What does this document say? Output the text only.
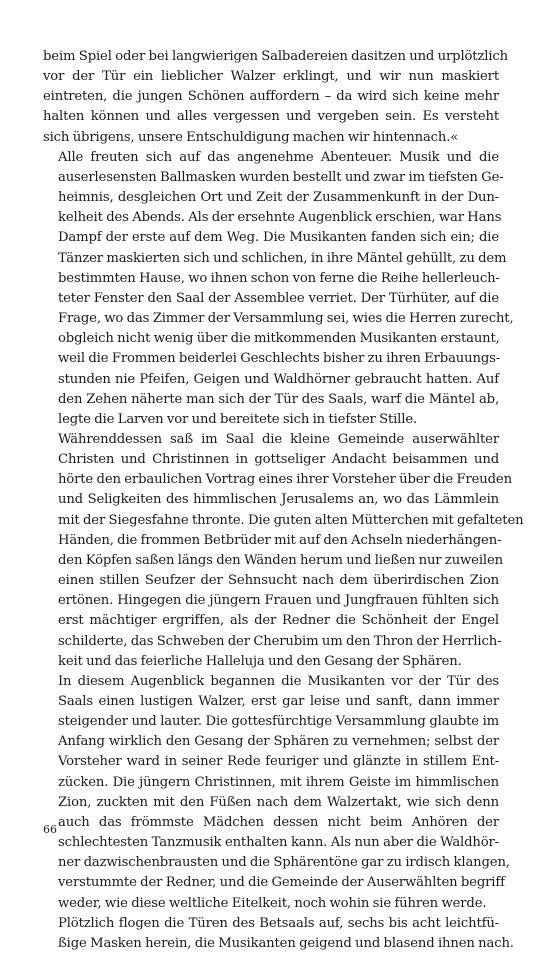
beim Spiel oder bei langwierigen Salbadereien dasitzen und urplötzlich
vor der Tür ein lieblicher Walzer erklingt, und wir nun maskiert
eintreten, die jungen Schönen auffordern – da wird sich keine mehr
halten können und alles vergessen und vergeben sein. Es versteht
sich übrigens, unsere Entschuldigung machen wir hintennach.«

Alle freuten sich auf das angenehme Abenteuer. Musik und die
auserlesensten Ballmasken wurden bestellt und zwar im tiefsten Ge-
heimnis, desgleichen Ort und Zeit der Zusammenkunft in der Dun-
kelheit des Abends. Als der ersehnte Augenblick erschien, war Hans
Dampf der erste auf dem Weg. Die Musikanten fanden sich ein; die
Tänzer maskierten sich und schlichen, in ihre Mäntel gehüllt, zu dem
bestimmten Hause, wo ihnen schon von ferne die Reihe hellerleuch-
teter Fenster den Saal der Assemblee verriet. Der Türhüter, auf die
Frage, wo das Zimmer der Versammlung sei, wies die Herren zurecht,
obgleich nicht wenig über die mitkommenden Musikanten erstaunt,
weil die Frommen beiderlei Geschlechts bisher zu ihren Erbauungs-
stunden nie Pfeifen, Geigen und Waldhörner gebraucht hatten. Auf
den Zehen näherte man sich der Tür des Saals, warf die Mäntel ab,
legte die Larven vor und bereitete sich in tiefster Stille.

Währenddessen saß im Saal die kleine Gemeinde auserwählter
Christen und Christinnen in gottseliger Andacht beisammen und
hörte den erbaulichen Vortrag eines ihrer Vorsteher über die Freuden
und Seligkeiten des himmlischen Jerusalems an, wo das Lämmlein
mit der Siegesfahne thronte. Die guten alten Mütterchen mit gefalteten
Händen, die frommen Betbrüder mit auf den Achseln niederhängen-
den Köpfen saßen längs den Wänden herum und ließen nur zuweilen
einen stillen Seufzer der Sehnsucht nach dem überirdischen Zion
ertönen. Hingegen die jüngern Frauen und Jungfrauen fühlten sich
erst mächtiger ergriffen, als der Redner die Schönheit der Engel
schilderte, das Schweben der Cherubim um den Thron der Herrlich-
keit und das feierliche Halleluja und den Gesang der Sphären.

In diesem Augenblick begannen die Musikanten vor der Tür des
Saals einen lustigen Walzer, erst gar leise und sanft, dann immer
steigender und lauter. Die gottesfürchtige Versammlung glaubte im
Anfang wirklich den Gesang der Sphären zu vernehmen; selbst der
Vorsteher ward in seiner Rede feuriger und glänzte in stillem Ent-
zücken. Die jüngern Christinnen, mit ihrem Geiste im himmlischen
Zion, zuckten mit den Füßen nach dem Walzertakt, wie sich denn
auch das frömmste Mädchen dessen nicht beim Anhören der
schlechtesten Tanzmusik enthalten kann. Als nun aber die Waldhör-
ner dazwischenbrausten und die Sphärentöne gar zu irdisch klangen,
verstummte der Redner, und die Gemeinde der Auserwählten begriff
weder, wie diese weltliche Eitelkeit, noch wohin sie führen werde.

Plötzlich flogen die Türen des Betsaals auf, sechs bis acht leichtfü-
ßige Masken herein, die Musikanten geigend und blasend ihnen nach.

66
